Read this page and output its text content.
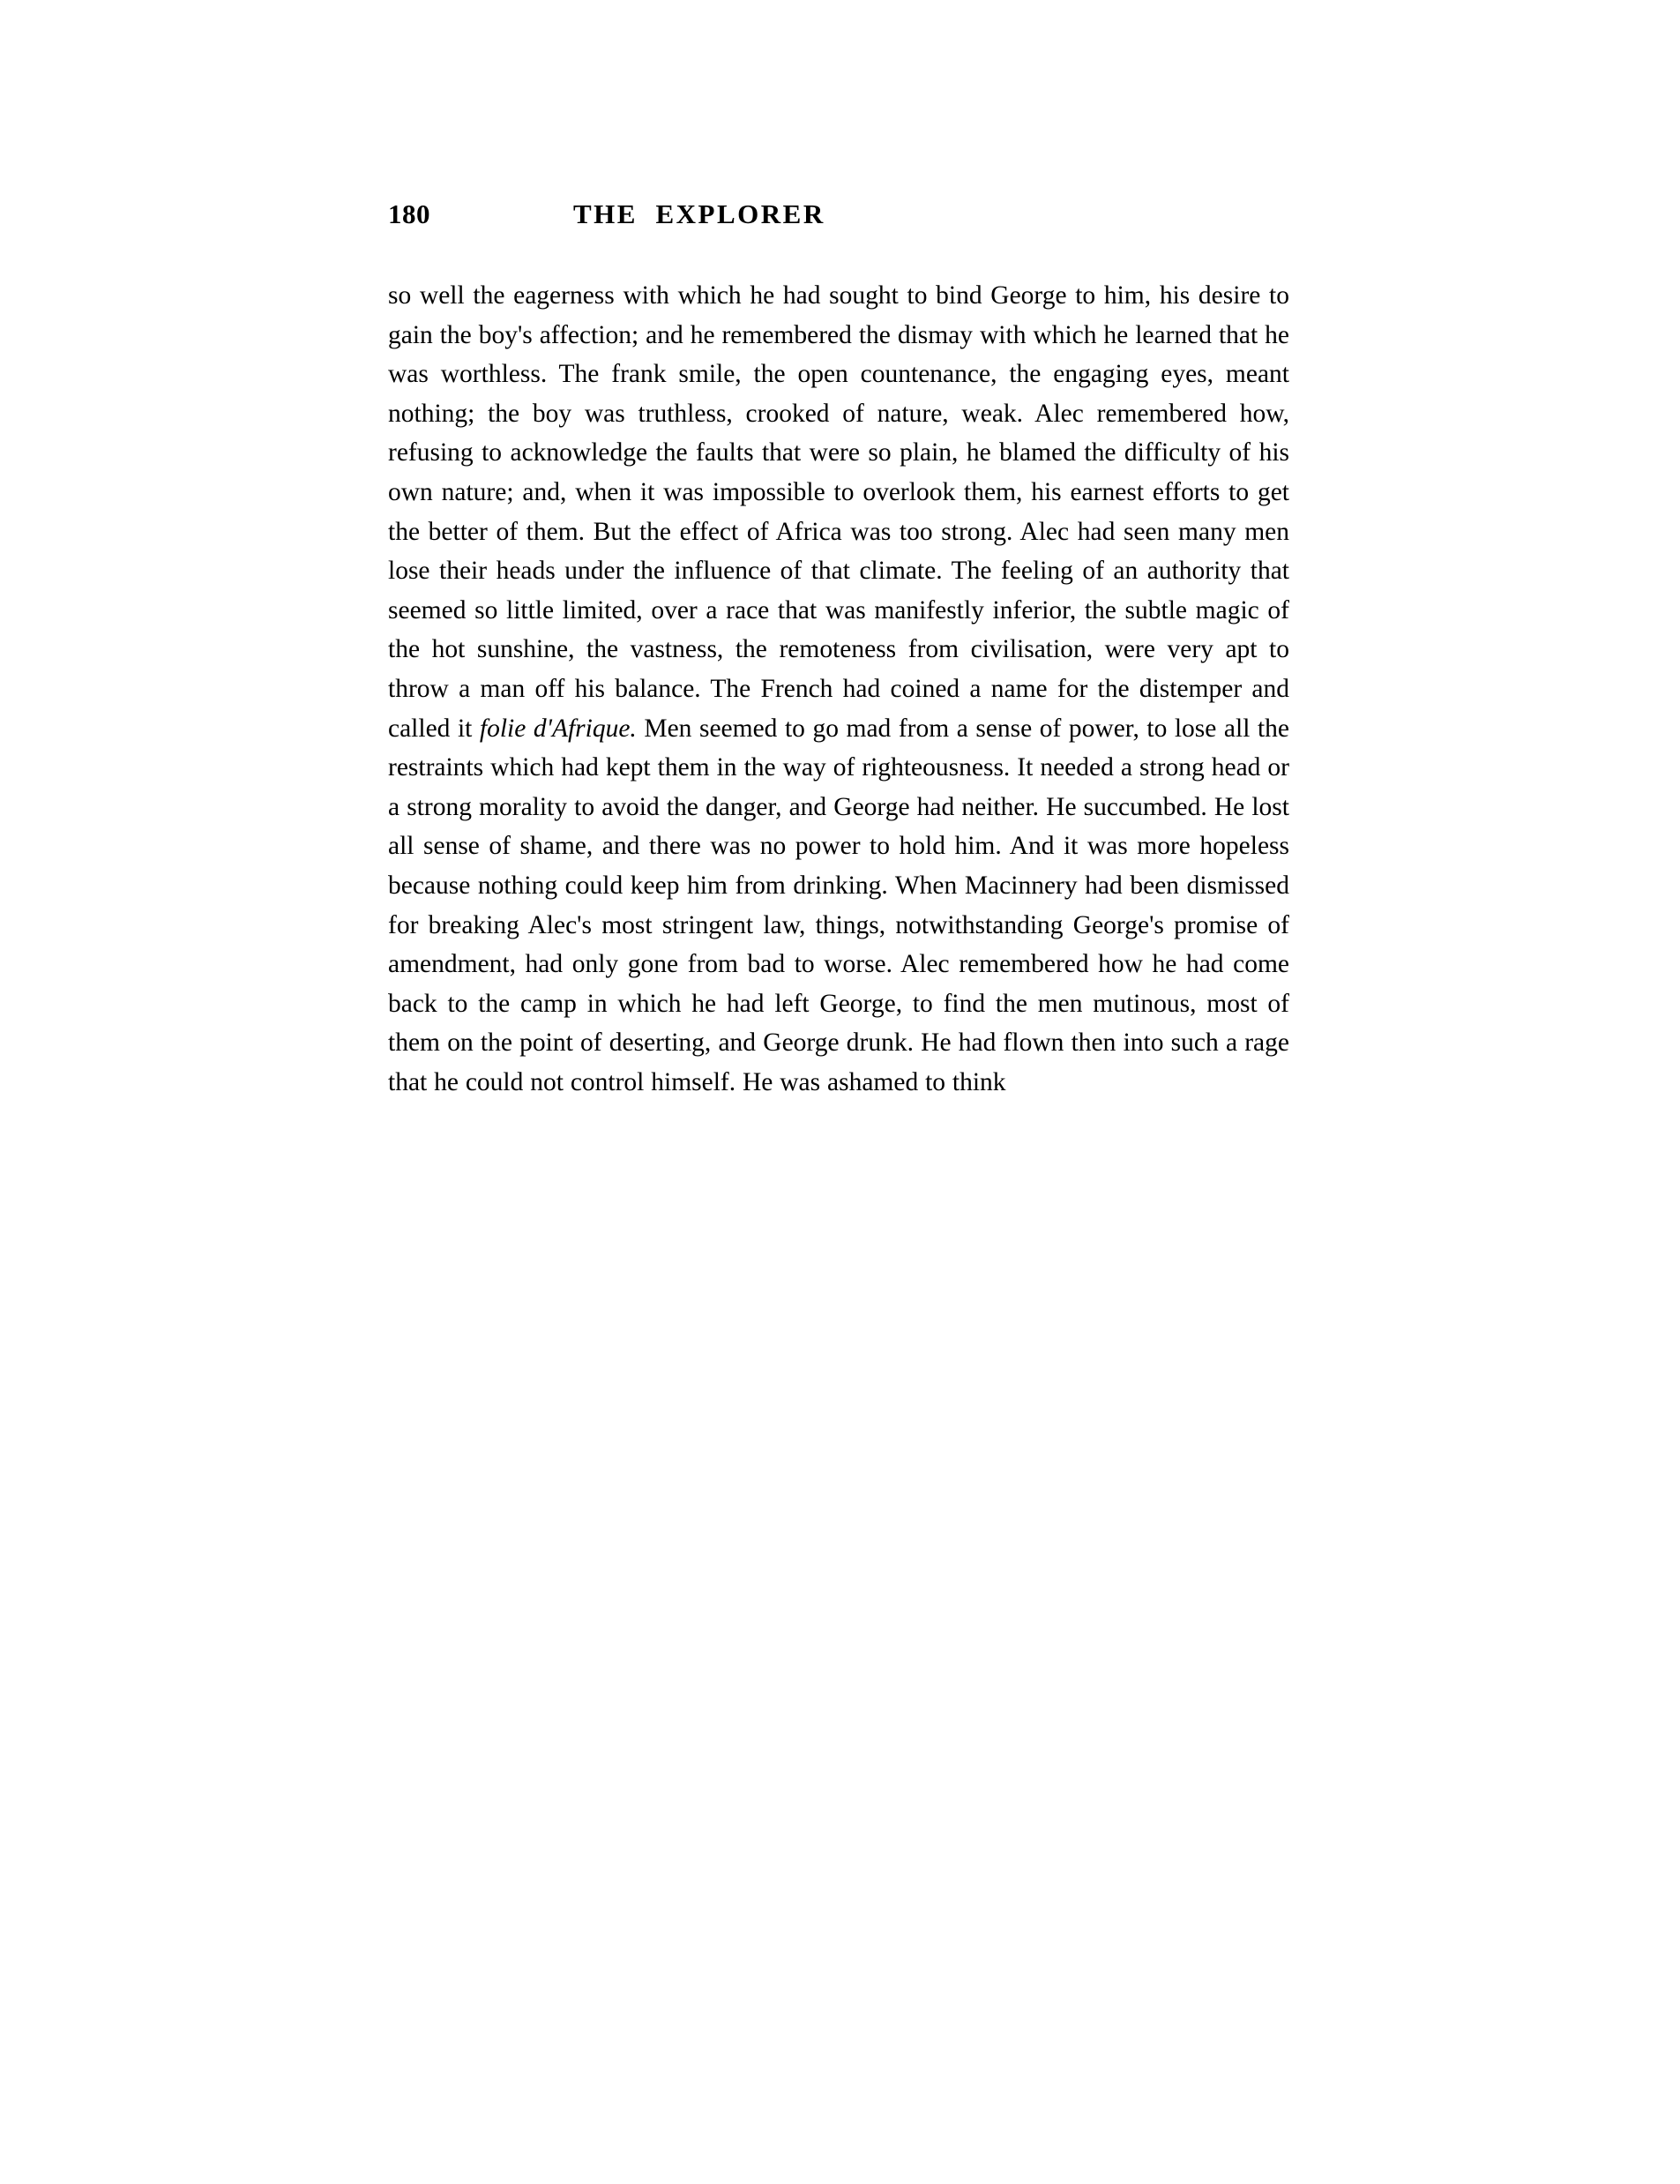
180	THE  EXPLORER

so well the eagerness with which he had sought to bind George to him, his desire to gain the boy's affection; and he remembered the dismay with which he learned that he was worthless. The frank smile, the open countenance, the engaging eyes, meant nothing; the boy was truthless, crooked of nature, weak. Alec remembered how, refusing to acknowledge the faults that were so plain, he blamed the difficulty of his own nature; and, when it was impossible to overlook them, his earnest efforts to get the better of them. But the effect of Africa was too strong. Alec had seen many men lose their heads under the influence of that climate. The feeling of an authority that seemed so little limited, over a race that was manifestly inferior, the subtle magic of the hot sunshine, the vastness, the remoteness from civilisation, were very apt to throw a man off his balance. The French had coined a name for the distemper and called it folie d'Afrique. Men seemed to go mad from a sense of power, to lose all the restraints which had kept them in the way of righteousness. It needed a strong head or a strong morality to avoid the danger, and George had neither. He succumbed. He lost all sense of shame, and there was no power to hold him. And it was more hopeless because nothing could keep him from drinking. When Macinnery had been dismissed for breaking Alec's most stringent law, things, notwithstanding George's promise of amendment, had only gone from bad to worse. Alec remembered how he had come back to the camp in which he had left George, to find the men mutinous, most of them on the point of deserting, and George drunk. He had flown then into such a rage that he could not control himself. He was ashamed to think
